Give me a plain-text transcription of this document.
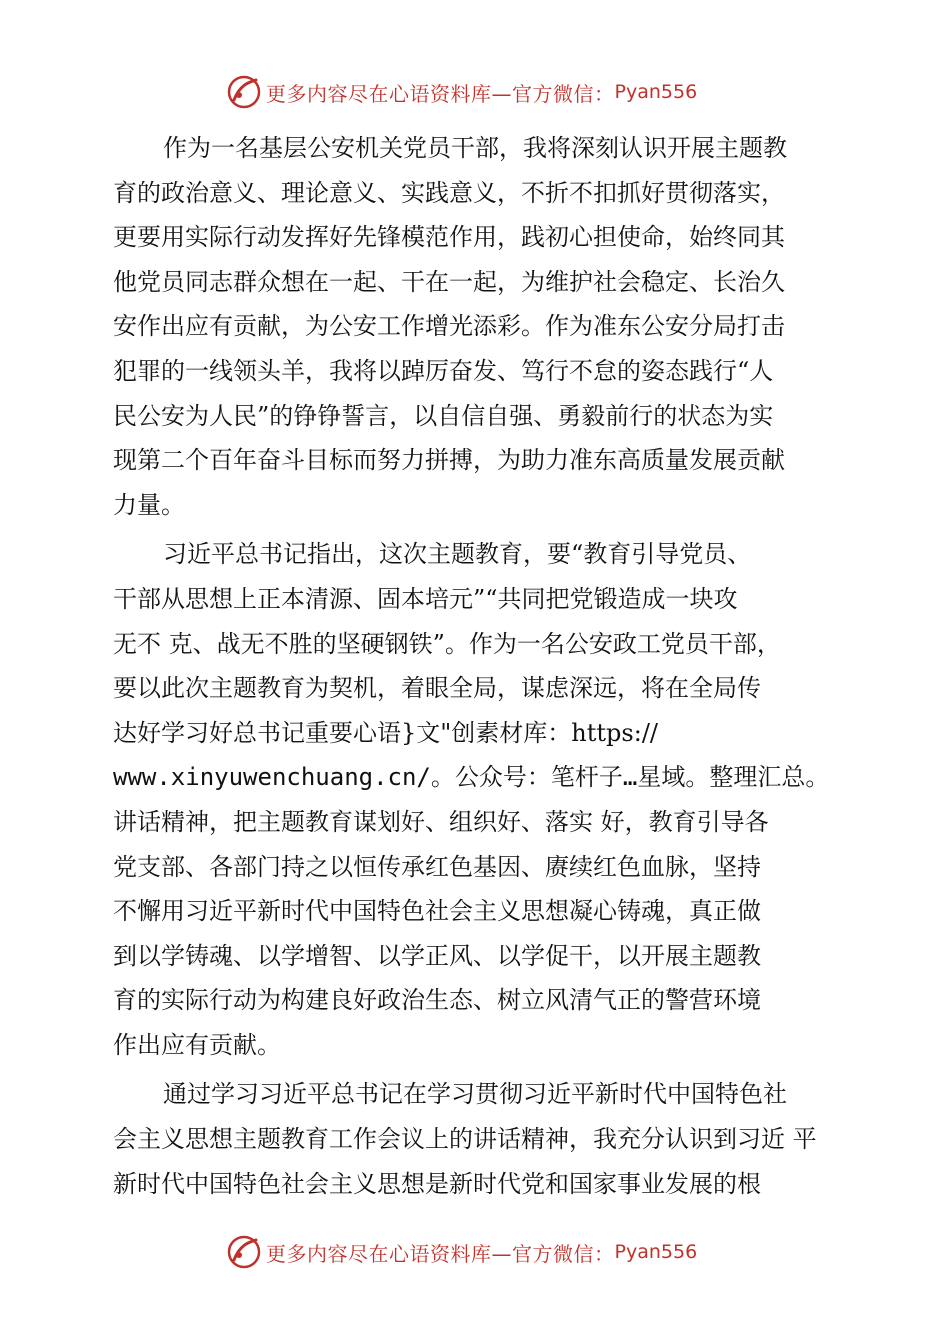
更多内容尽在心语资料库—官方微信： Pyan556
作为一名基层公安机关党员干部，我将深刻认识开展主题教
育的政治意义、理论意义、实践意义，不折不扣抓好贯彻落实，
更要用实际行动发挥好先锋模范作用，践初心担使命，始终同其
他党员同志群众想在一起、干在一起，为维护社会稳定、长治久
安作出应有贡献，为公安工作增光添彩。作为准东公安分局打击
犯罪的一线领头羊，我将以踔厉奋发、笃行不怠的姿态践行“人
民公安为人民”的铮铮誓言，以自信自强、勇毅前行的状态为实
现第二个百年奋斗目标而努力拼搏，为助力准东高质量发展贡献
力量。
习近平总书记指出，这次主题教育，要“教育引导党员、
干部从思想上正本清源、固本培元”“共同把党锻造成一块攻
无不 克、战无不胜的坚硬钢铁”。作为一名公安政工党员干部，
要以此次主题教育为契机，着眼全局，谋虑深远，将在全局传
达好学习好总书记重要心语}文"创素材库：https://
www.xinyuwenchuang.cn/。公众号：笔杆子…星域。整理汇总。
讲话精神，把主题教育谋划好、组织好、落实 好，教育引导各
党支部、各部门持之以恒传承红色基因、赓续红色血脉，坚持
不懈用习近平新时代中国特色社会主义思想凝心铸魂，真正做
到以学铸魂、以学增智、以学正风、以学促干，以开展主题教
育的实际行动为构建良好政治生态、树立风清气正的警营环境
作出应有贡献。
通过学习习近平总书记在学习贯彻习近平新时代中国特色社
会主义思想主题教育工作会议上的讲话精神，我充分认识到习近 平
新时代中国特色社会主义思想是新时代党和国家事业发展的根
更多内容尽在心语资料库—官方微信： Pyan556
